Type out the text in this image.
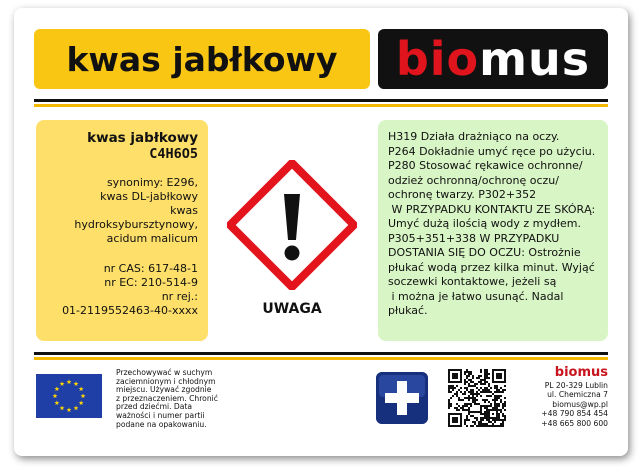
kwas jabłkowy bio mus
kwas jabłkowy
C4H6O5
synonimy: E296,
kwas DL-jabłkowy
kwas
hydroksybursztynowy,
acidum malicum
nr CAS: 617-48-1
nr EC: 210-514-9
nr rej.:
01-2119552463-40-xxxx	UWAGA
H319 Działa drażniąco na oczy.
P264 Dokładnie umyć ręce po użyciu.
P280 Stosować rękawice ochronne/
odzież ochronną/ochronę oczu/
ochronę twarzy. P302+352
W PRZYPADKU KONTAKTU ZE SKÓRĄ:
Umyć dużą ilością wody z mydłem.
P305+351+338 W PRZYPADKU
DOSTANIA SIĘ DO OCZU: Ostrożnie
płukać wodą przez kilka minut. Wyjąć
soczewki kontaktowe, jeżeli są
i można je łatwo usunąć. Nadal
płukać.
Przechowywać w suchym
zaciemnionym i chłodnym
miejscu. Używać zgodnie
z przeznaczeniem. Chronić
przed dziećmi. Data
ważności i numer partii
podane na opakowaniu.
biomus
PL 20-329 Lublin
ul. Chemiczna 7
biomus@wp.pl
+48 790 854 454
+48 665 800 600
